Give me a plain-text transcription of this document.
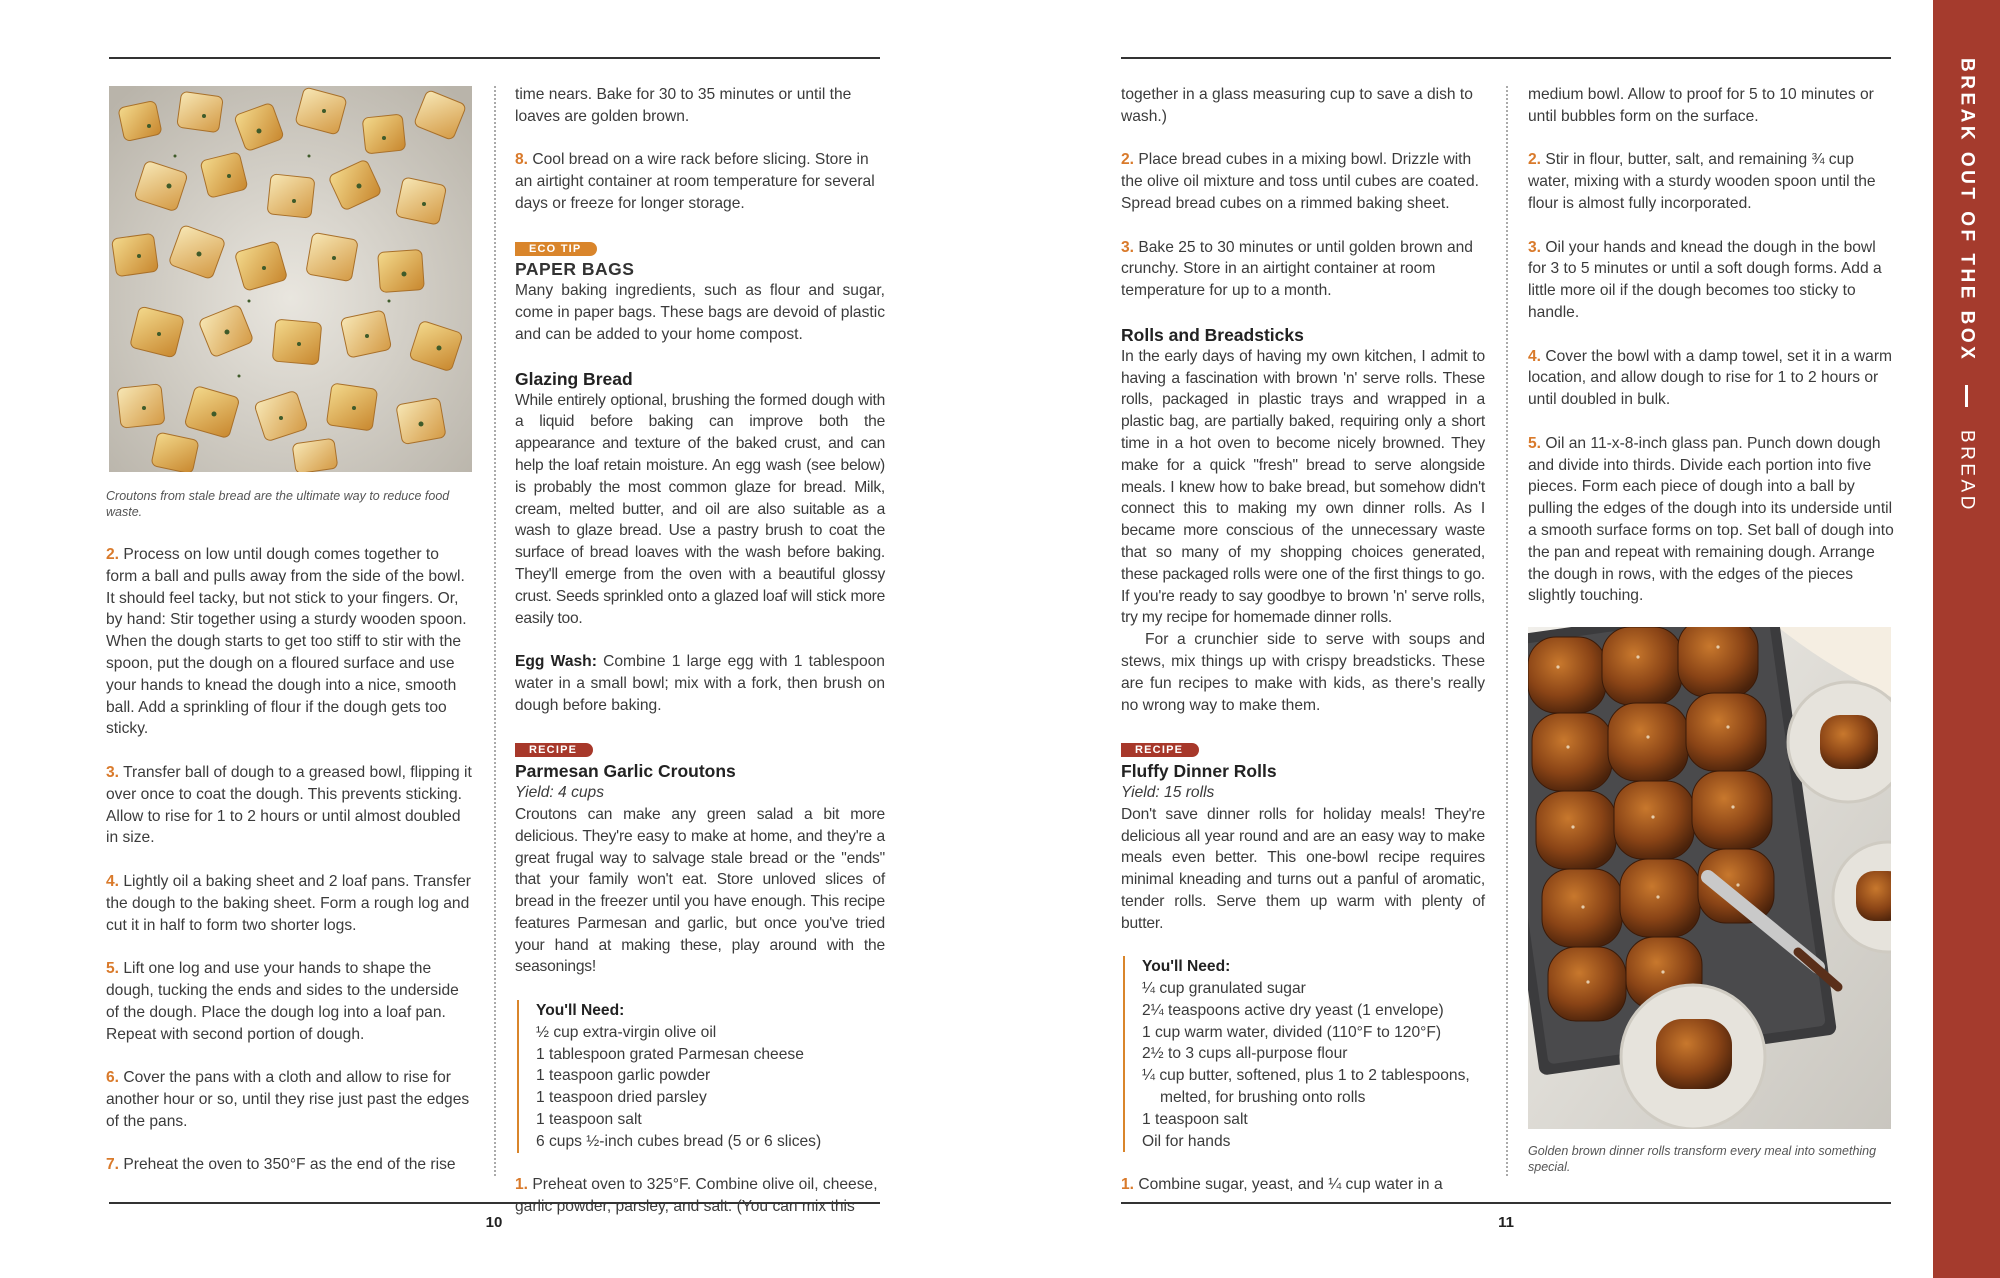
Croutons from stale bread are the ultimate way to reduce food waste.

2. Process on low until dough comes together to form a ball and pulls away from the side of the bowl. It should feel tacky, but not stick to your fingers. Or, by hand: Stir together using a sturdy wooden spoon. When the dough starts to get too stiff to stir with the spoon, put the dough on a floured surface and use your hands to knead the dough into a nice, smooth ball. Add a sprinkling of flour if the dough gets too sticky.

3. Transfer ball of dough to a greased bowl, flipping it over once to coat the dough. This prevents sticking. Allow to rise for 1 to 2 hours or until almost doubled in size.

4. Lightly oil a baking sheet and 2 loaf pans. Transfer the dough to the baking sheet. Form a rough log and cut it in half to form two shorter logs.

5. Lift one log and use your hands to shape the dough, tucking the ends and sides to the underside of the dough. Place the dough log into a loaf pan. Repeat with second portion of dough.

6. Cover the pans with a cloth and allow to rise for another hour or so, until they rise just past the edges of the pans.

7. Preheat the oven to 350°F as the end of the rise

time nears. Bake for 30 to 35 minutes or until the loaves are golden brown.

8. Cool bread on a wire rack before slicing. Store in an airtight container at room temperature for several days or freeze for longer storage.

ECO TIP
PAPER BAGS
Many baking ingredients, such as flour and sugar, come in paper bags. These bags are devoid of plastic and can be added to your home compost.
Glazing Bread
While entirely optional, brushing the formed dough with a liquid before baking can improve both the appearance and texture of the baked crust, and can help the loaf retain moisture. An egg wash (see below) is probably the most common glaze for bread. Milk, cream, melted butter, and oil are also suitable as a wash to glaze bread. Use a pastry brush to coat the surface of bread loaves with the wash before baking. They'll emerge from the oven with a beautiful glossy crust. Seeds sprinkled onto a glazed loaf will stick more easily too.

Egg Wash: Combine 1 large egg with 1 tablespoon water in a small bowl; mix with a fork, then brush on dough before baking.

RECIPE
Parmesan Garlic Croutons
Yield: 4 cups

Croutons can make any green salad a bit more delicious. They're easy to make at home, and they're a great frugal way to salvage stale bread or the "ends" that your family won't eat. Store unloved slices of bread in the freezer until you have enough. This recipe features Parmesan and garlic, but once you've tried your hand at making these, play around with the seasonings!

You'll Need:
½ cup extra-virgin olive oil
1 tablespoon grated Parmesan cheese
1 teaspoon garlic powder
1 teaspoon dried parsley
1 teaspoon salt
6 cups ½-inch cubes bread (5 or 6 slices)

1. Preheat oven to 325°F. Combine olive oil, cheese, garlic powder, parsley, and salt. (You can mix this

together in a glass measuring cup to save a dish to wash.)

2. Place bread cubes in a mixing bowl. Drizzle with the olive oil mixture and toss until cubes are coated. Spread bread cubes on a rimmed baking sheet.

3. Bake 25 to 30 minutes or until golden brown and crunchy. Store in an airtight container at room temperature for up to a month.

Rolls and Breadsticks
In the early days of having my own kitchen, I admit to having a fascination with brown 'n' serve rolls. These rolls, packaged in plastic trays and wrapped in a plastic bag, are partially baked, requiring only a short time in a hot oven to become nicely browned. They make for a quick "fresh" bread to serve alongside meals. I knew how to bake bread, but somehow didn't connect this to making my own dinner rolls. As I became more conscious of the unnecessary waste that so many of my shopping choices generated, these packaged rolls were one of the first things to go. If you're ready to say goodbye to brown 'n' serve rolls, try my recipe for homemade dinner rolls.
For a crunchier side to serve with soups and stews, mix things up with crispy breadsticks. These are fun recipes to make with kids, as there's really no wrong way to make them.
RECIPE
Fluffy Dinner Rolls
Yield: 15 rolls

Don't save dinner rolls for holiday meals! They're delicious all year round and are an easy way to make meals even better. This one-bowl recipe requires minimal kneading and turns out a panful of aromatic, tender rolls. Serve them up warm with plenty of butter.

You'll Need:
¼ cup granulated sugar
2¼ teaspoons active dry yeast (1 envelope)
1 cup warm water, divided (110°F to 120°F)
2½ to 3 cups all-purpose flour
¼ cup butter, softened, plus 1 to 2 tablespoons,
melted, for brushing onto rolls
1 teaspoon salt
Oil for hands

1. Combine sugar, yeast, and ¼ cup water in a

medium bowl. Allow to proof for 5 to 10 minutes or until bubbles form on the surface.

2. Stir in flour, butter, salt, and remaining ¾ cup water, mixing with a sturdy wooden spoon until the flour is almost fully incorporated.

3. Oil your hands and knead the dough in the bowl for 3 to 5 minutes or until a soft dough forms. Add a little more oil if the dough becomes too sticky to handle.

4. Cover the bowl with a damp towel, set it in a warm location, and allow dough to rise for 1 to 2 hours or until doubled in bulk.

5. Oil an 11-x-8-inch glass pan. Punch down dough and divide into thirds. Divide each portion into five pieces. Form each piece of dough into a ball by pulling the edges of the dough into its underside until a smooth surface forms on top. Set ball of dough into the pan and repeat with remaining dough. Arrange the dough in rows, with the edges of the pieces slightly touching.

Golden brown dinner rolls transform every meal into something special.
10	11
BREAK OUT OF THE BOX  BREAD
